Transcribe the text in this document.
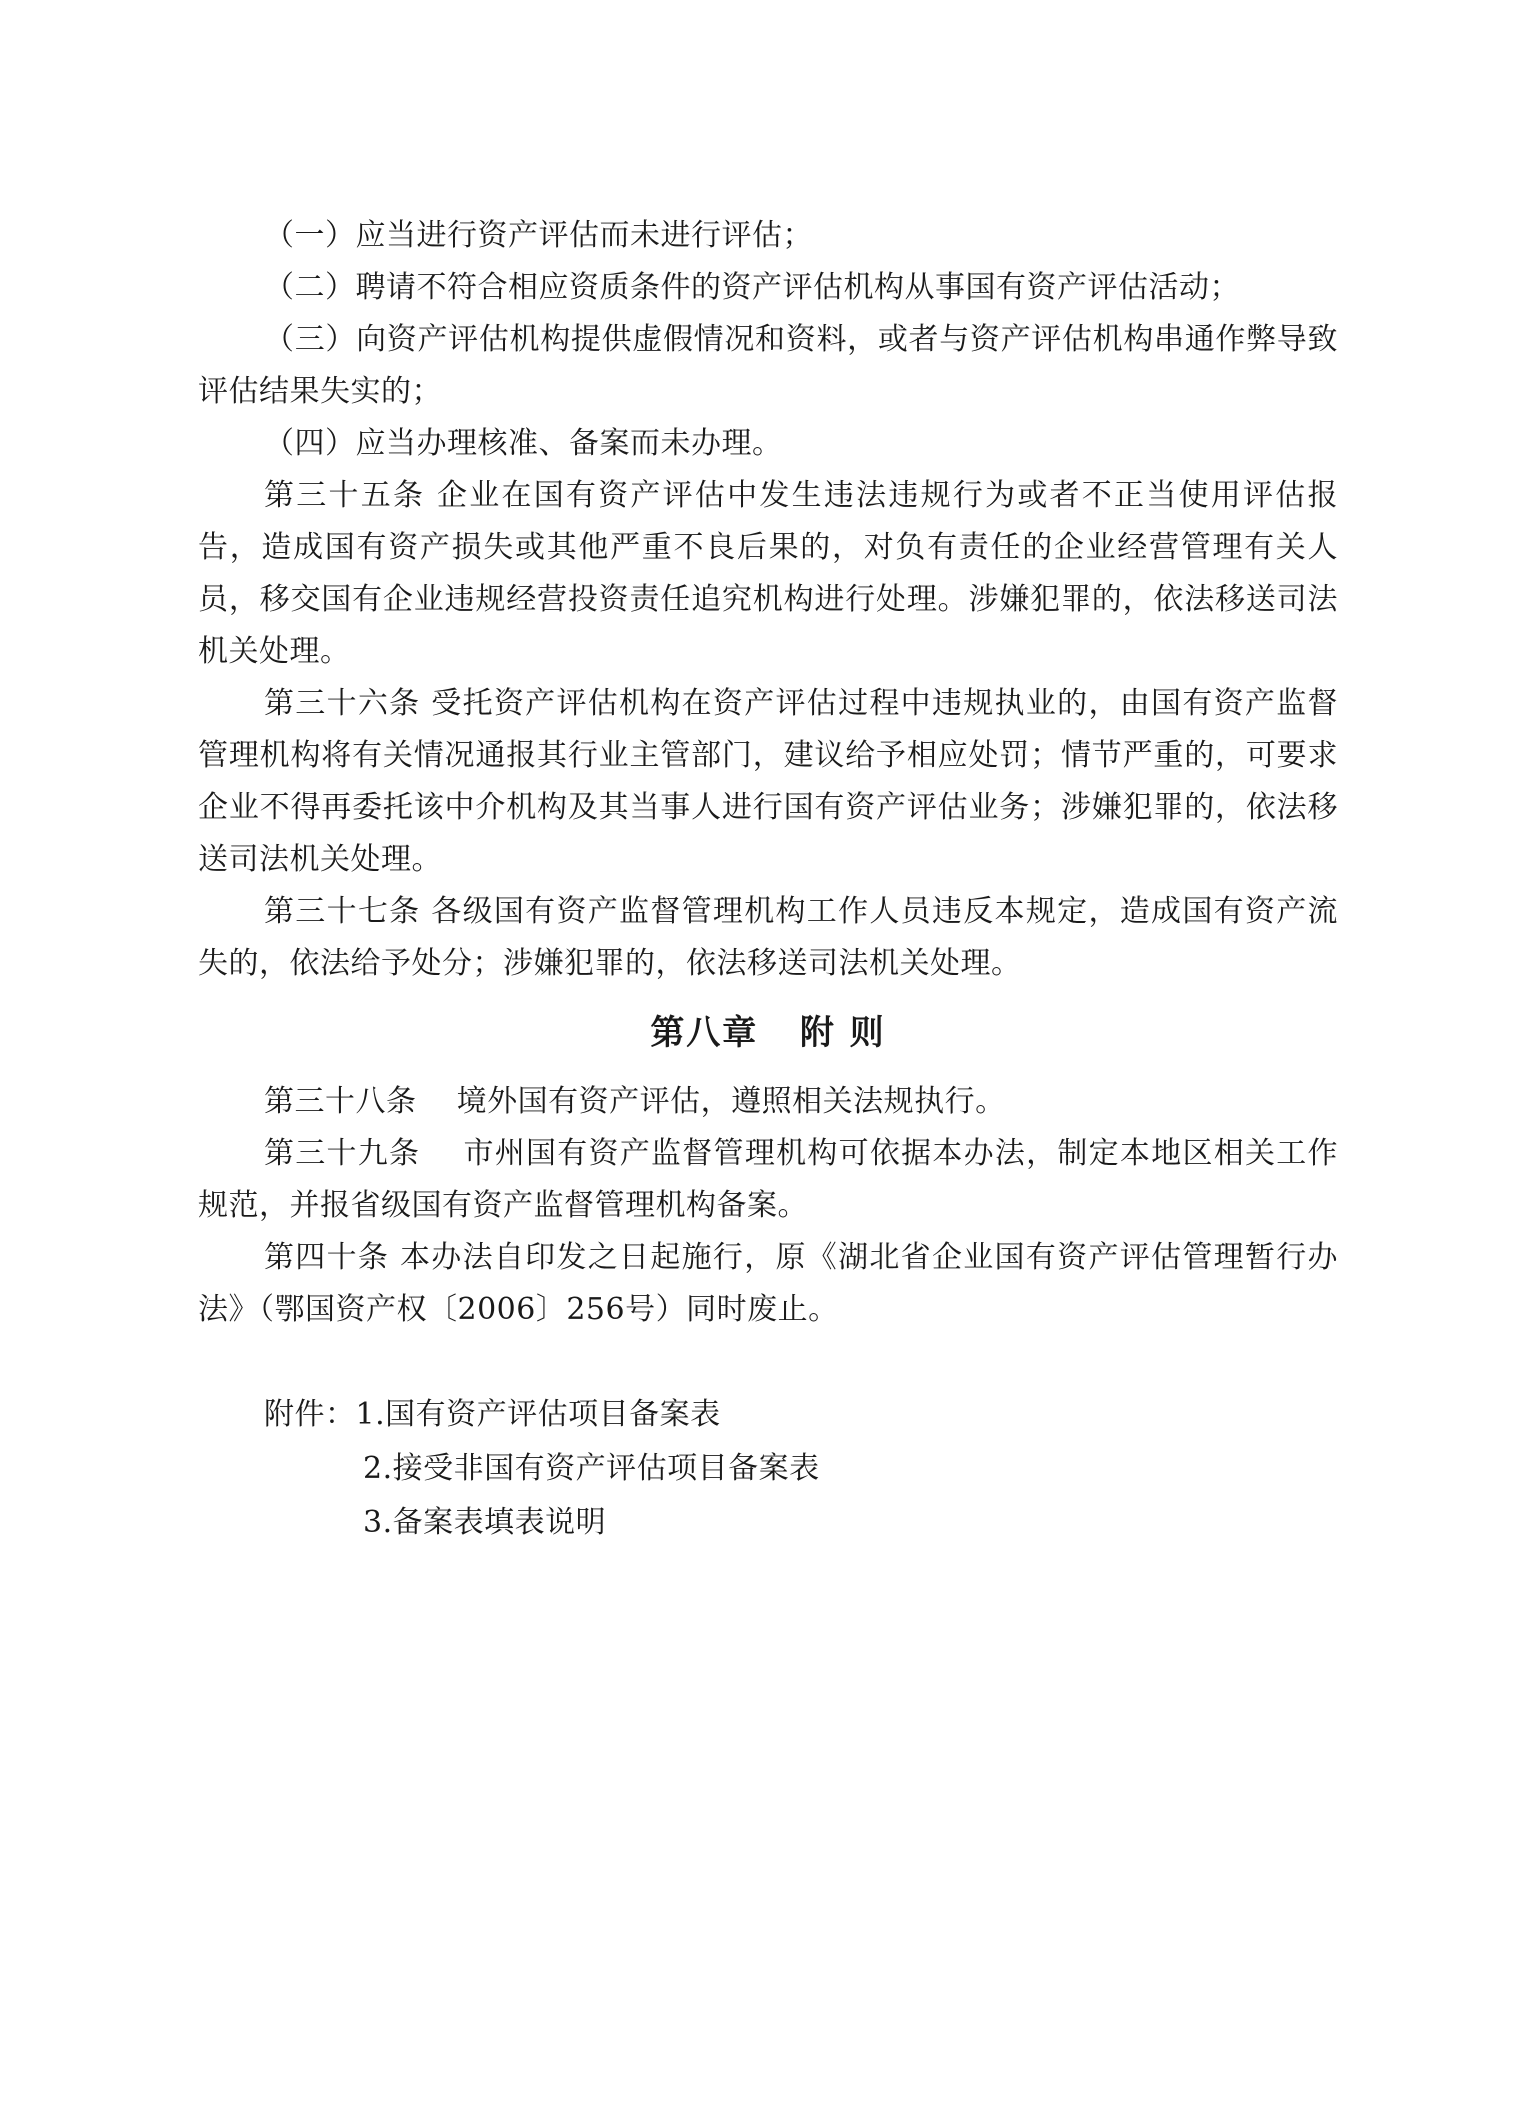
（一）应当进行资产评估而未进行评估；

（二）聘请不符合相应资质条件的资产评估机构从事国有资产评估活动；

（三）向资产评估机构提供虚假情况和资料，或者与资产评估机构串通作弊导致评估结果失实的；

（四）应当办理核准、备案而未办理。

第三十五条 企业在国有资产评估中发生违法违规行为或者不正当使用评估报告，造成国有资产损失或其他严重不良后果的，对负有责任的企业经营管理有关人员，移交国有企业违规经营投资责任追究机构进行处理。涉嫌犯罪的，依法移送司法机关处理。

第三十六条 受托资产评估机构在资产评估过程中违规执业的，由国有资产监督管理机构将有关情况通报其行业主管部门，建议给予相应处罚；情节严重的，可要求企业不得再委托该中介机构及其当事人进行国有资产评估业务；涉嫌犯罪的，依法移送司法机关处理。

第三十七条 各级国有资产监督管理机构工作人员违反本规定，造成国有资产流失的，依法给予处分；涉嫌犯罪的，依法移送司法机关处理。

第八章   附 则

第三十八条    境外国有资产评估，遵照相关法规执行。

第三十九条    市州国有资产监督管理机构可依据本办法，制定本地区相关工作规范，并报省级国有资产监督管理机构备案。

第四十条 本办法自印发之日起施行，原《湖北省企业国有资产评估管理暂行办法》（鄂国资产权〔2006〕256号）同时废止。

附件：1.国有资产评估项目备案表
2.接受非国有资产评估项目备案表
3.备案表填表说明
